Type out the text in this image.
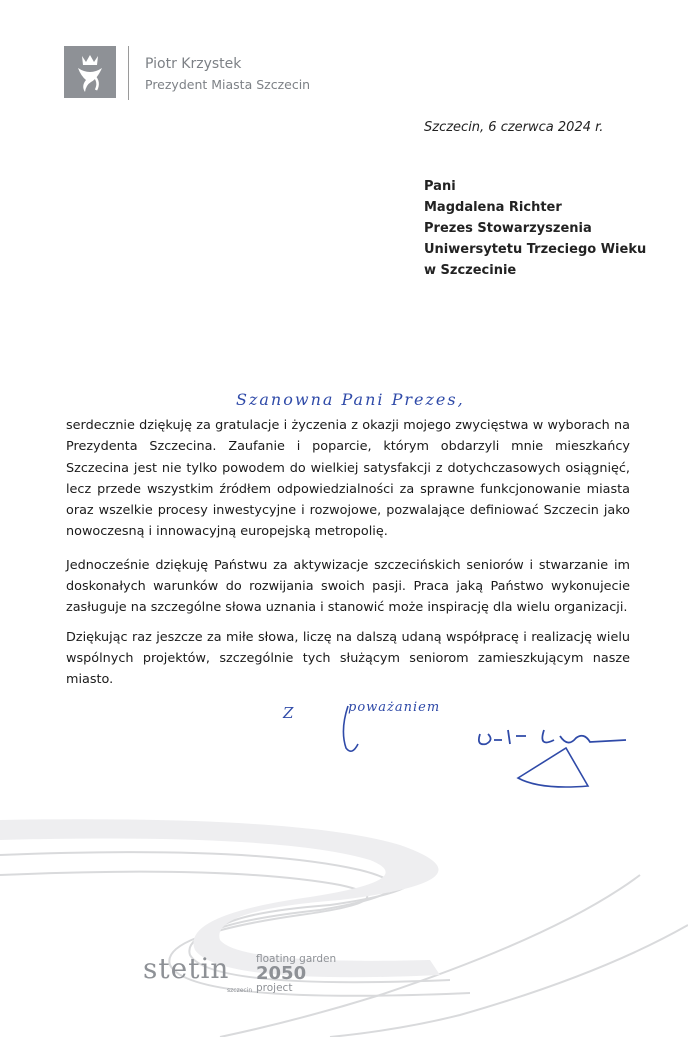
Piotr Krzystek
Prezydent Miasta Szczecin
Szczecin, 6 czerwca 2024 r.
Pani
Magdalena Richter
Prezes Stowarzyszenia
Uniwersytetu Trzeciego Wieku
w Szczecinie
Szanowna Pani Prezes,

serdecznie dziękuję za gratulacje i życzenia z okazji mojego zwycięstwa w wyborach na Prezydenta Szczecina. Zaufanie i poparcie, którym obdarzyli mnie mieszkańcy Szczecina jest nie tylko powodem do wielkiej satysfakcji z dotychczasowych osiągnięć, lecz przede wszystkim źródłem odpowiedzialności za sprawne funkcjonowanie miasta oraz wszelkie procesy inwestycyjne i rozwojowe, pozwalające definiować Szczecin jako nowoczesną i innowacyjną europejską metropolię.

Jednocześnie dziękuję Państwu za aktywizacje szczecińskich seniorów i stwarzanie im doskonałych warunków do rozwijania swoich pasji. Praca jaką Państwo wykonujecie zasługuje na szczególne słowa uznania i stanowić może inspirację dla wielu organizacji.

Dziękując raz jeszcze za miłe słowa, liczę na dalszą udaną współpracę i realizację wielu wspólnych projektów, szczególnie tych służącym seniorom zamieszkującym nasze miasto.

Z	poważaniem
stetin
szczecin
floating garden
2050
project
